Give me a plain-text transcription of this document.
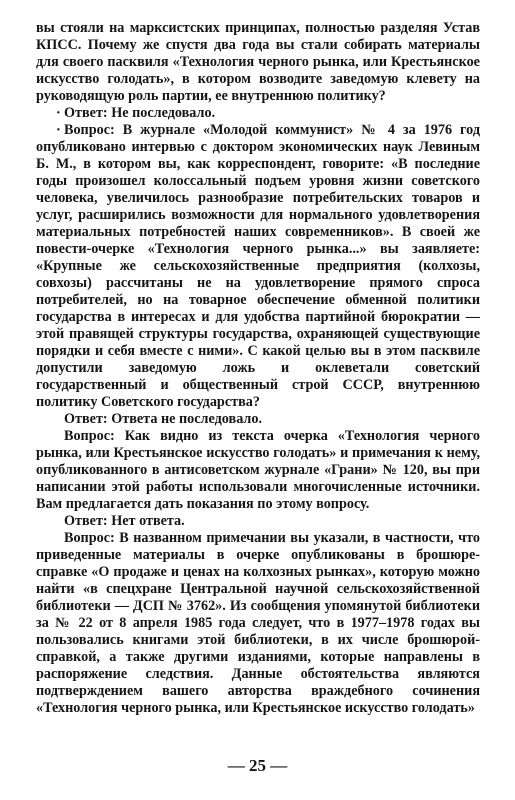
вы стояли на марксистских принципах, полностью разделяя Устав КПСС. Почему же спустя два года вы стали собирать материалы для своего пасквиля «Технология черного рынка, или Крестьянское искусство голодать», в котором возводите заведомую клевету на руководящую роль партии, ее внутреннюю политику?

· Ответ: Не последовало.

· Вопрос: В журнале «Молодой коммунист» № 4 за 1976 год опубликовано интервью с доктором экономических наук Левиным Б. М., в котором вы, как корреспондент, говорите: «В последние годы произошел колоссальный подъем уровня жизни советского человека, увеличилось разнообразие потребительских товаров и услуг, расширились возможности для нормального удовлетворения материальных потребностей наших современников». В своей же повести-очерке «Технология черного рынка...» вы заявляете: «Крупные же сельскохозяйственные предприятия (колхозы, совхозы) рассчитаны не на удовлетворение прямого спроса потребителей, но на товарное обеспечение обменной политики государства в интересах и для удобства партийной бюрократии — этой правящей структуры государства, охраняющей существующие порядки и себя вместе с ними». С какой целью вы в этом пасквиле допустили заведомую ложь и оклеветали советский государственный и общественный строй СССР, внутреннюю политику Советского государства?

Ответ: Ответа не последовало.

Вопрос: Как видно из текста очерка «Технология черного рынка, или Крестьянское искусство голодать» и примечания к нему, опубликованного в антисоветском журнале «Грани» № 120, вы при написании этой работы использовали многочисленные источники. Вам предлагается дать показания по этому вопросу.

Ответ: Нет ответа.

Вопрос: В названном примечании вы указали, в частности, что приведенные материалы в очерке опубликованы в брошюре-справке «О продаже и ценах на колхозных рынках», которую можно найти «в спецхране Центральной научной сельскохозяйственной библиотеки — ДСП № 3762». Из сообщения упомянутой библиотеки за № 22 от 8 апреля 1985 года следует, что в 1977–1978 годах вы пользовались книгами этой библиотеки, в их числе брошюрой-справкой, а также другими изданиями, которые направлены в распоряжение следствия. Данные обстоятельства являются подтверждением вашего авторства враждебного сочинения «Технология черного рынка, или Крестьянское искусство голодать»

— 25 —
